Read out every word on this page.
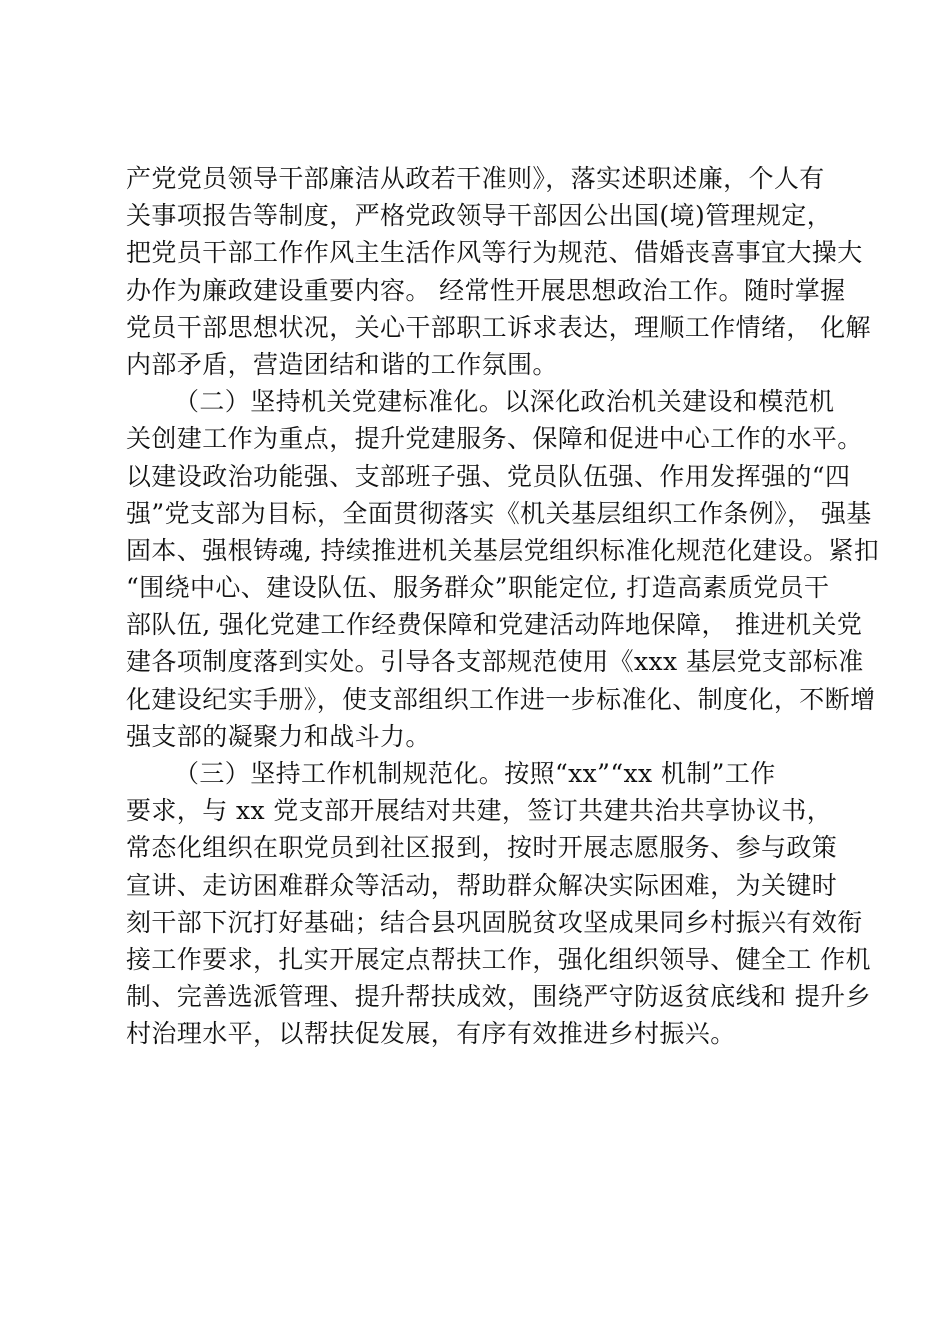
产党党员领导干部廉洁从政若干准则》，落实述职述廉，个人有
关事项报告等制度，严格党政领导干部因公出国(境)管理规定，
把党员干部工作作风主生活作风等行为规范、借婚丧喜事宜大操大
办作为廉政建设重要内容。 经常性开展思想政治工作。随时掌握
党员干部思想状况，关心干部职工诉求表达，理顺工作情绪， 化解
内部矛盾，营造团结和谐的工作氛围。
（二）坚持机关党建标准化。以深化政治机关建设和模范机
关创建工作为重点，提升党建服务、保障和促进中心工作的水平。
以建设政治功能强、支部班子强、党员队伍强、作用发挥强的“四
强”党支部为目标，全面贯彻落实《机关基层组织工作条例》， 强基
固本、强根铸魂, 持续推进机关基层党组织标准化规范化建设。紧扣
“围绕中心、建设队伍、服务群众”职能定位, 打造高素质党员干
部队伍, 强化党建工作经费保障和党建活动阵地保障， 推进机关党
建各项制度落到实处。引导各支部规范使用《xxx 基层党支部标准
化建设纪实手册》，使支部组织工作进一步标准化、制度化，不断增
强支部的凝聚力和战斗力。
（三）坚持工作机制规范化。按照“xx”“xx 机制”工作
要求，与 xx 党支部开展结对共建，签订共建共治共享协议书，
常态化组织在职党员到社区报到，按时开展志愿服务、参与政策
宣讲、走访困难群众等活动，帮助群众解决实际困难，为关键时
刻干部下沉打好基础；结合县巩固脱贫攻坚成果同乡村振兴有效衔
接工作要求，扎实开展定点帮扶工作，强化组织领导、健全工 作机
制、完善选派管理、提升帮扶成效，围绕严守防返贫底线和 提升乡
村治理水平，以帮扶促发展，有序有效推进乡村振兴。
